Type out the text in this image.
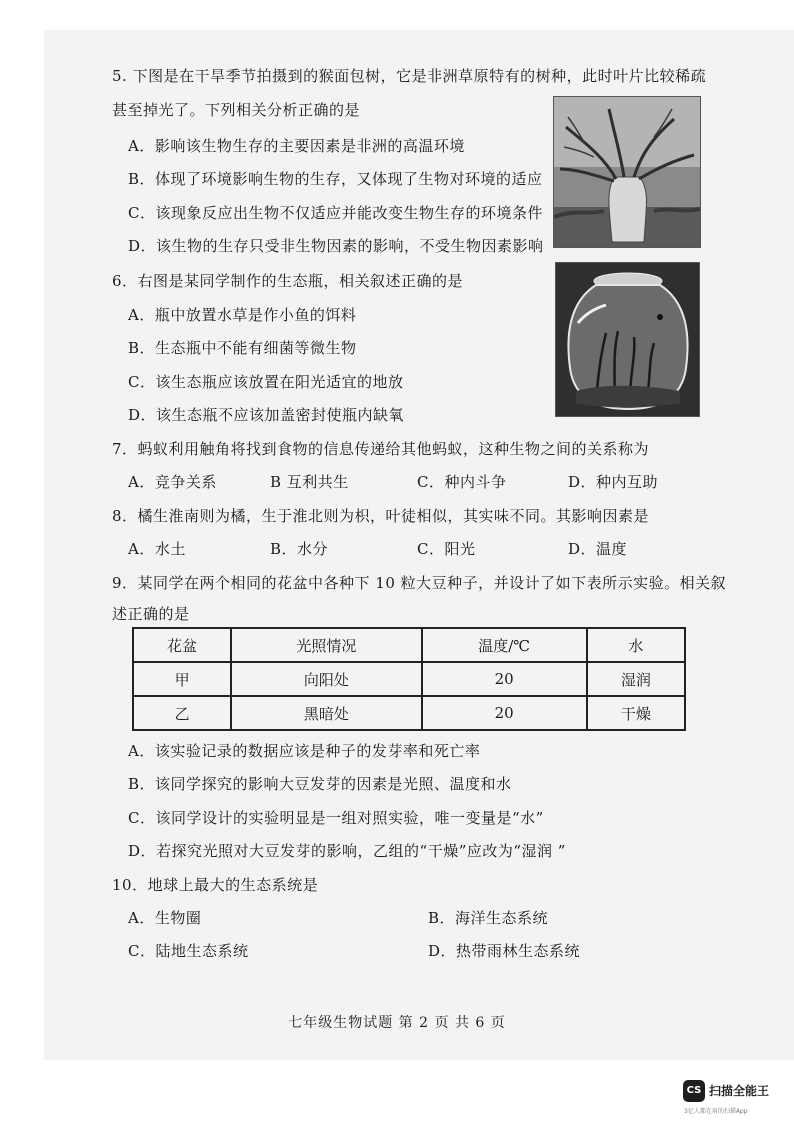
5. 下图是在干旱季节拍摄到的猴面包树，它是非洲草原特有的树种，此时叶片比较稀疏
甚至掉光了。下列相关分析正确的是
A．影响该生物生存的主要因素是非洲的高温环境
B．体现了环境影响生物的生存，又体现了生物对环境的适应
C．该现象反应出生物不仅适应并能改变生物生存的环境条件
D．该生物的生存只受非生物因素的影响，不受生物因素影响
6．右图是某同学制作的生态瓶，相关叙述正确的是
A．瓶中放置水草是作小鱼的饵料
B．生态瓶中不能有细菌等微生物
C．该生态瓶应该放置在阳光适宜的地放
D．该生态瓶不应该加盖密封使瓶内缺氧
7．蚂蚁利用触角将找到食物的信息传递给其他蚂蚁，这种生物之间的关系称为
A．竞争关系	B 互利共生	C．种内斗争	D．种内互助
8．橘生淮南则为橘，生于淮北则为枳，叶徒相似，其实味不同。其影响因素是
A．水土	B．水分	C．阳光	D．温度
9．某同学在两个相同的花盆中各种下 10 粒大豆种子，并设计了如下表所示实验。相关叙
述正确的是
花盆	光照情况	温度/℃	水
甲	向阳处	20	湿润
乙	黑暗处	20	干燥
A．该实验记录的数据应该是种子的发芽率和死亡率
B．该同学探究的影响大豆发芽的因素是光照、温度和水
C．该同学设计的实验明显是一组对照实验，唯一变量是“水”
D．若探究光照对大豆发芽的影响，乙组的“干燥”应改为“湿润 ”
10．地球上最大的生态系统是
A．生物圈	B．海洋生态系统
C．陆地生态系统	D．热带雨林生态系统
七年级生物试题 第 2 页 共 6 页
CS 扫描全能王
3亿人都在用的扫描App
